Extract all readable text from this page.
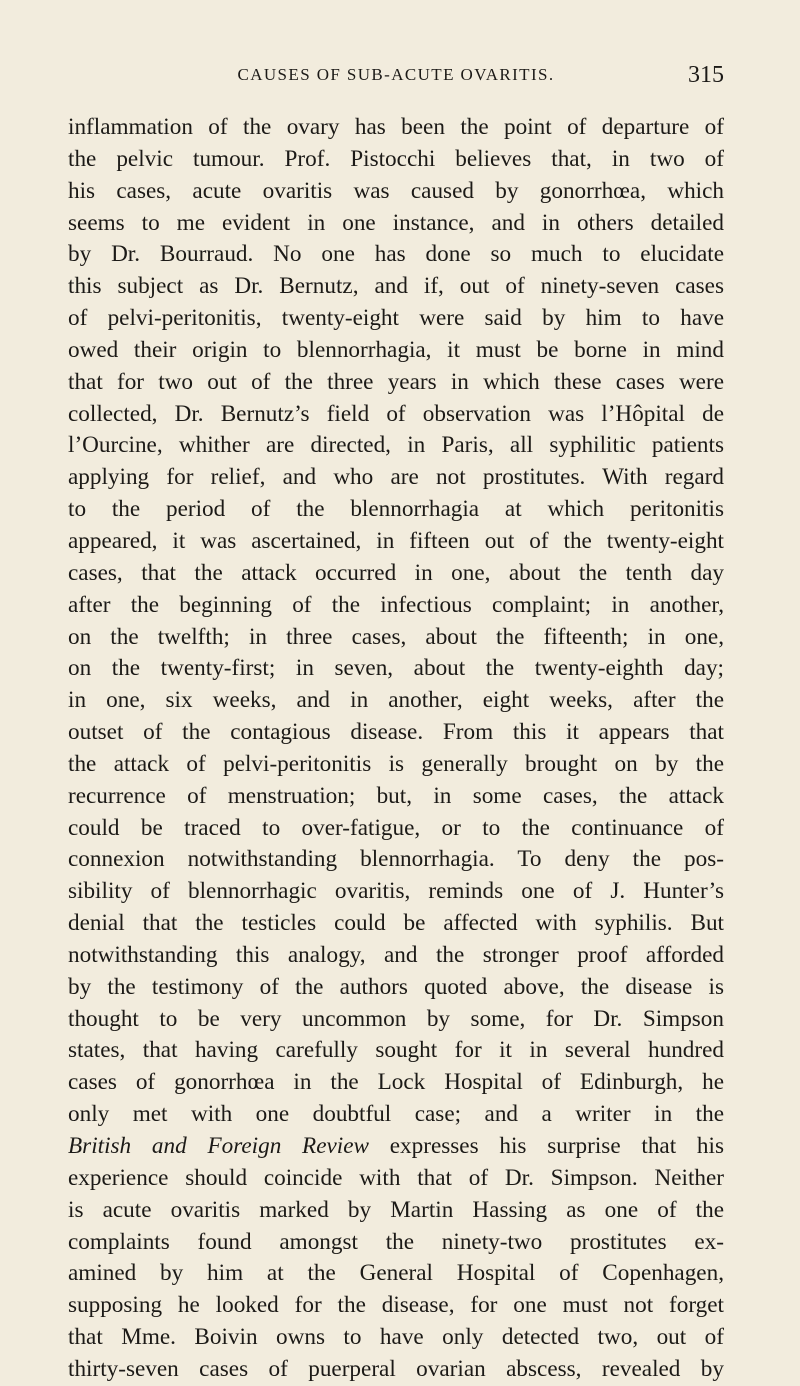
CAUSES OF SUB-ACUTE OVARITIS.	315
inflammation of the ovary has been the point of departure of
the pelvic tumour. Prof. Pistocchi believes that, in two of
his cases, acute ovaritis was caused by gonorrhœa, which
seems to me evident in one instance, and in others detailed
by Dr. Bourraud. No one has done so much to elucidate
this subject as Dr. Bernutz, and if, out of ninety-seven cases
of pelvi-peritonitis, twenty-eight were said by him to have
owed their origin to blennorrhagia, it must be borne in mind
that for two out of the three years in which these cases were
collected, Dr. Bernutz’s field of observation was l’Hôpital de
l’Ourcine, whither are directed, in Paris, all syphilitic patients
applying for relief, and who are not prostitutes. With regard
to the period of the blennorrhagia at which peritonitis
appeared, it was ascertained, in fifteen out of the twenty-eight
cases, that the attack occurred in one, about the tenth day
after the beginning of the infectious complaint; in another,
on the twelfth; in three cases, about the fifteenth; in one,
on the twenty-first; in seven, about the twenty-eighth day;
in one, six weeks, and in another, eight weeks, after the
outset of the contagious disease. From this it appears that
the attack of pelvi-peritonitis is generally brought on by the
recurrence of menstruation; but, in some cases, the attack
could be traced to over-fatigue, or to the continuance of
connexion notwithstanding blennorrhagia. To deny the pos-
sibility of blennorrhagic ovaritis, reminds one of J. Hunter’s
denial that the testicles could be affected with syphilis. But
notwithstanding this analogy, and the stronger proof afforded
by the testimony of the authors quoted above, the disease is
thought to be very uncommon by some, for Dr. Simpson
states, that having carefully sought for it in several hundred
cases of gonorrhœa in the Lock Hospital of Edinburgh, he
only met with one doubtful case; and a writer in the
British and Foreign Review expresses his surprise that his
experience should coincide with that of Dr. Simpson. Neither
is acute ovaritis marked by Martin Hassing as one of the
complaints found amongst the ninety-two prostitutes ex-
amined by him at the General Hospital of Copenhagen,
supposing he looked for the disease, for one must not forget
that Mme. Boivin owns to have only detected two, out of
thirty-seven cases of puerperal ovarian abscess, revealed by
